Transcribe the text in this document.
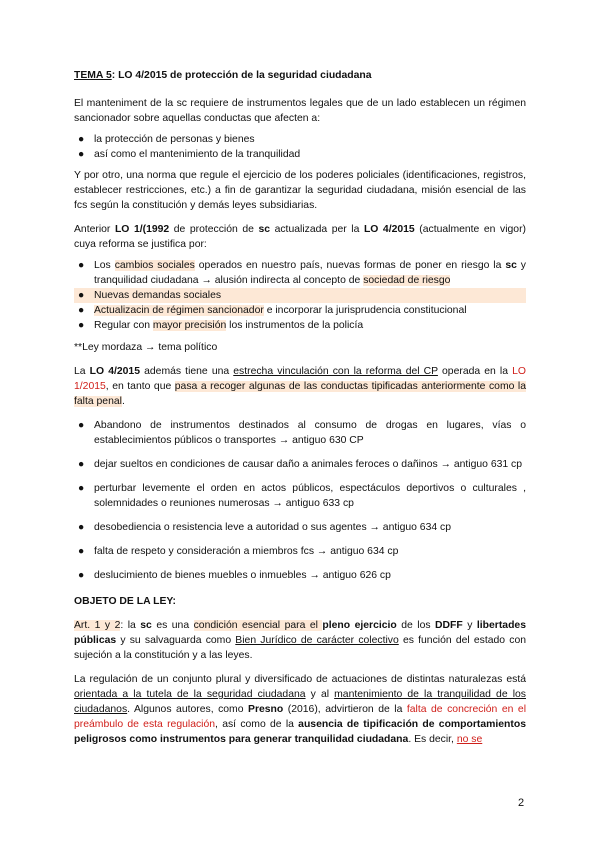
TEMA 5: LO 4/2015 de protección de la seguridad ciudadana

El manteniment de la sc requiere de instrumentos legales que de un lado establecen un régimen sancionador sobre aquellas conductas que afecten a:

● la protección de personas y bienes
● así como el mantenimiento de la tranquilidad

Y por otro, una norma que regule el ejercicio de los poderes policiales (identificaciones, registros, establecer restricciones, etc.) a fin de garantizar la seguridad ciudadana, misión esencial de las fcs según la constitución y demás leyes subsidiarias.

Anterior LO 1/(1992 de protección de sc actualizada per la LO 4/2015 (actualmente en vigor) cuya reforma se justifica por:

● Los cambios sociales operados en nuestro país, nuevas formas de poner en riesgo la sc y tranquilidad ciudadana → alusión indirecta al concepto de sociedad de riesgo
● Nuevas demandas sociales
● Actualizacin de régimen sancionador e incorporar la jurisprudencia constitucional
● Regular con mayor precisión los instrumentos de la policía

**Ley mordaza → tema político

La LO 4/2015 además tiene una estrecha vinculación con la reforma del CP operada en la LO 1/2015, en tanto que pasa a recoger algunas de las conductas tipificadas anteriormente como la falta penal.

● Abandono de instrumentos destinados al consumo de drogas en lugares, vías o establecimientos públicos o transportes → antiguo 630 CP
● dejar sueltos en condiciones de causar daño a animales feroces o dañinos → antiguo 631 cp
● perturbar levemente el orden en actos públicos, espectáculos deportivos o culturales , solemnidades o reuniones numerosas → antiguo 633 cp
● desobediencia o resistencia leve a autoridad o sus agentes → antiguo 634 cp
● falta de respeto y consideración a miembros fcs → antiguo 634 cp
● deslucimiento de bienes muebles o inmuebles → antiguo 626 cp

OBJETO DE LA LEY:

Art. 1 y 2: la sc es una condición esencial para el pleno ejercicio de los DDFF y libertades públicas y su salvaguarda como Bien Jurídico de carácter colectivo es función del estado con sujeción a la constitución y a las leyes.

La regulación de un conjunto plural y diversificado de actuaciones de distintas naturalezas está orientada a la tutela de la seguridad ciudadana y al mantenimiento de la tranquilidad de los ciudadanos. Algunos autores, como Presno (2016), advirtieron de la falta de concreción en el preámbulo de esta regulación, así como de la ausencia de tipificación de comportamientos peligrosos como instrumentos para generar tranquilidad ciudadana. Es decir, no se

2
